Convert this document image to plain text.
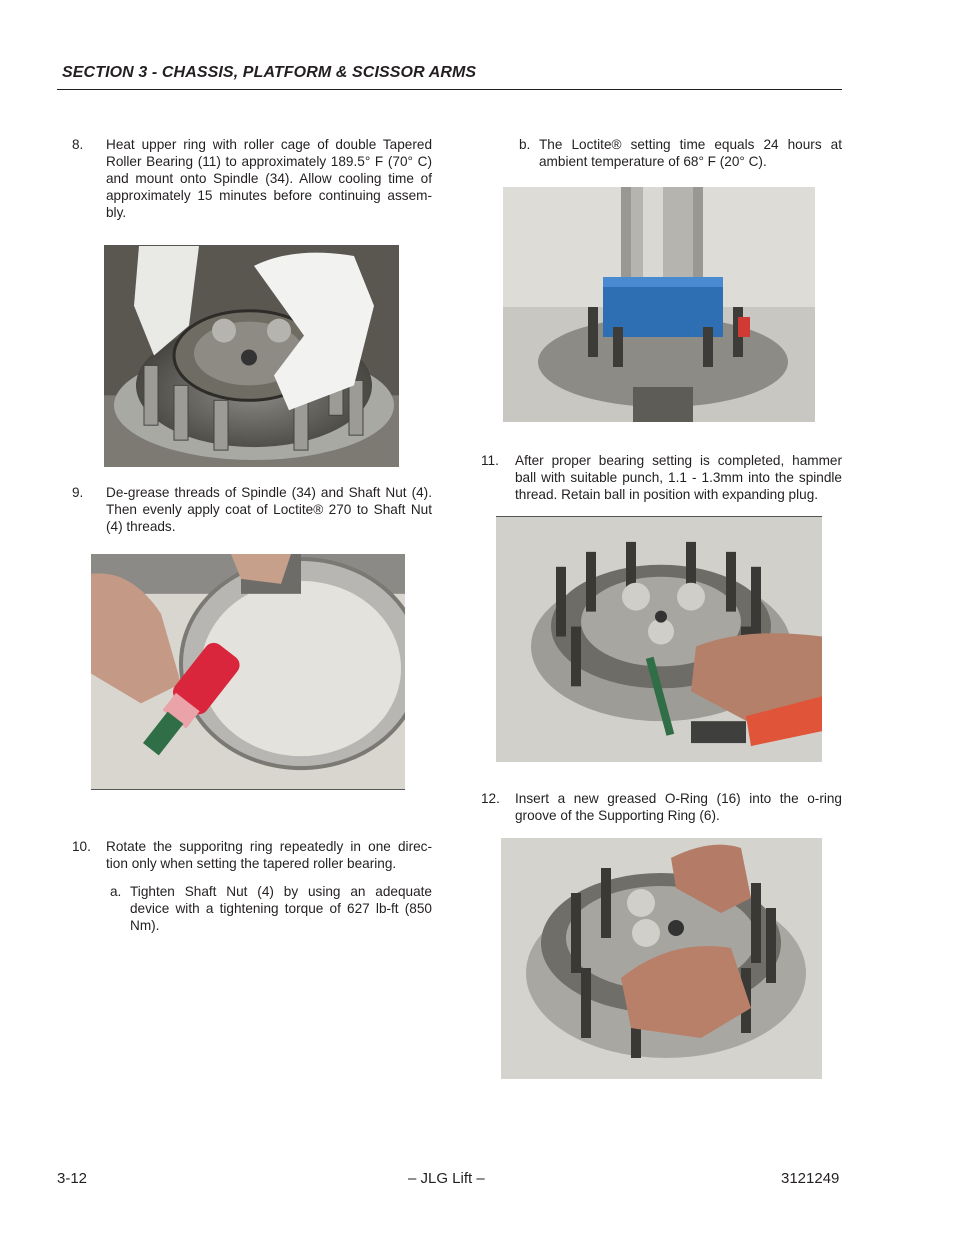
SECTION 3 - CHASSIS, PLATFORM & SCISSOR ARMS
8. Heat upper ring with roller cage of double Tapered Roller Bearing (11) to approximately 189.5° F (70° C) and mount onto Spindle (34). Allow cooling time of approximately 15 minutes before continuing assem- bly.
9. De-grease threads of Spindle (34) and Shaft Nut (4). Then evenly apply coat of Loctite® 270 to Shaft Nut (4) threads.
10. Rotate the supporitng ring repeatedly in one direc- tion only when setting the tapered roller bearing.
a. Tighten Shaft Nut (4) by using an adequate device with a tightening torque of 627 lb-ft (850 Nm).
b. The Loctite® setting time equals 24 hours at ambient temperature of 68° F (20° C).
11. After proper bearing setting is completed, hammer ball with suitable punch, 1.1 - 1.3mm into the spindle thread. Retain ball in position with expanding plug.
12. Insert a new greased O-Ring (16) into the o-ring groove of the Supporting Ring (6).
3-12	– JLG Lift –	3121249
